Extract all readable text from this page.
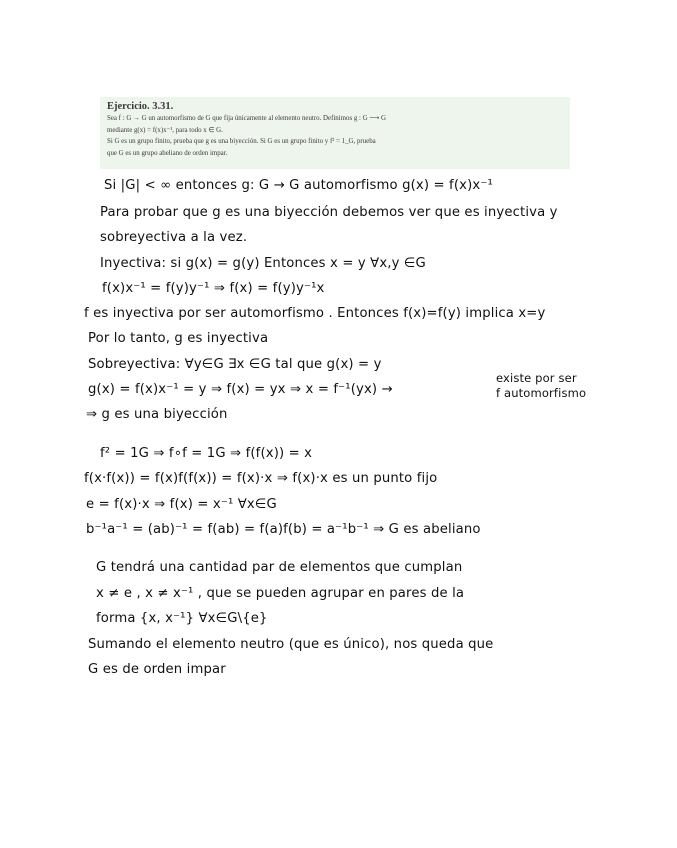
Ejercicio. 3.31.
Sea f : G → G un automorfismo de G que fija únicamente al elemento neutro. Definimos g : G ⟶ G
mediante g(x) = f(x)x⁻¹, para todo x ∈ G.
Si G es un grupo finito, prueba que g es una biyección. Si G es un grupo finito y f² = 1_G, prueba
que G es un grupo abeliano de orden impar.
Si |G| < ∞ entonces g: G → G automorfismo g(x) = f(x)x⁻¹
Para probar que g es una biyección debemos ver que es inyectiva y
sobreyectiva a la vez.
Inyectiva: si g(x) = g(y) Entonces x = y ∀x,y ∈G
f(x)x⁻¹ = f(y)y⁻¹ ⇒ f(x) = f(y)y⁻¹x
f es inyectiva por ser automorfismo . Entonces f(x)=f(y) implica x=y
Por lo tanto, g es inyectiva
Sobreyectiva: ∀y∈G ∃x ∈G tal que g(x) = y
g(x) = f(x)x⁻¹ = y ⇒ f(x) = yx ⇒ x = f⁻¹(yx) →
existe por ser
f automorfismo
⇒ g es una biyección
f² = 1G ⇒ f∘f = 1G ⇒ f(f(x)) = x
f(x·f(x)) = f(x)f(f(x)) = f(x)·x ⇒ f(x)·x es un punto fijo
e = f(x)·x ⇒ f(x) = x⁻¹ ∀x∈G
b⁻¹a⁻¹ = (ab)⁻¹ = f(ab) = f(a)f(b) = a⁻¹b⁻¹ ⇒ G es abeliano
G tendrá una cantidad par de elementos que cumplan
x ≠ e , x ≠ x⁻¹ , que se pueden agrupar en pares de la
forma {x, x⁻¹} ∀x∈G\{e}
Sumando el elemento neutro (que es único), nos queda que
G es de orden impar
